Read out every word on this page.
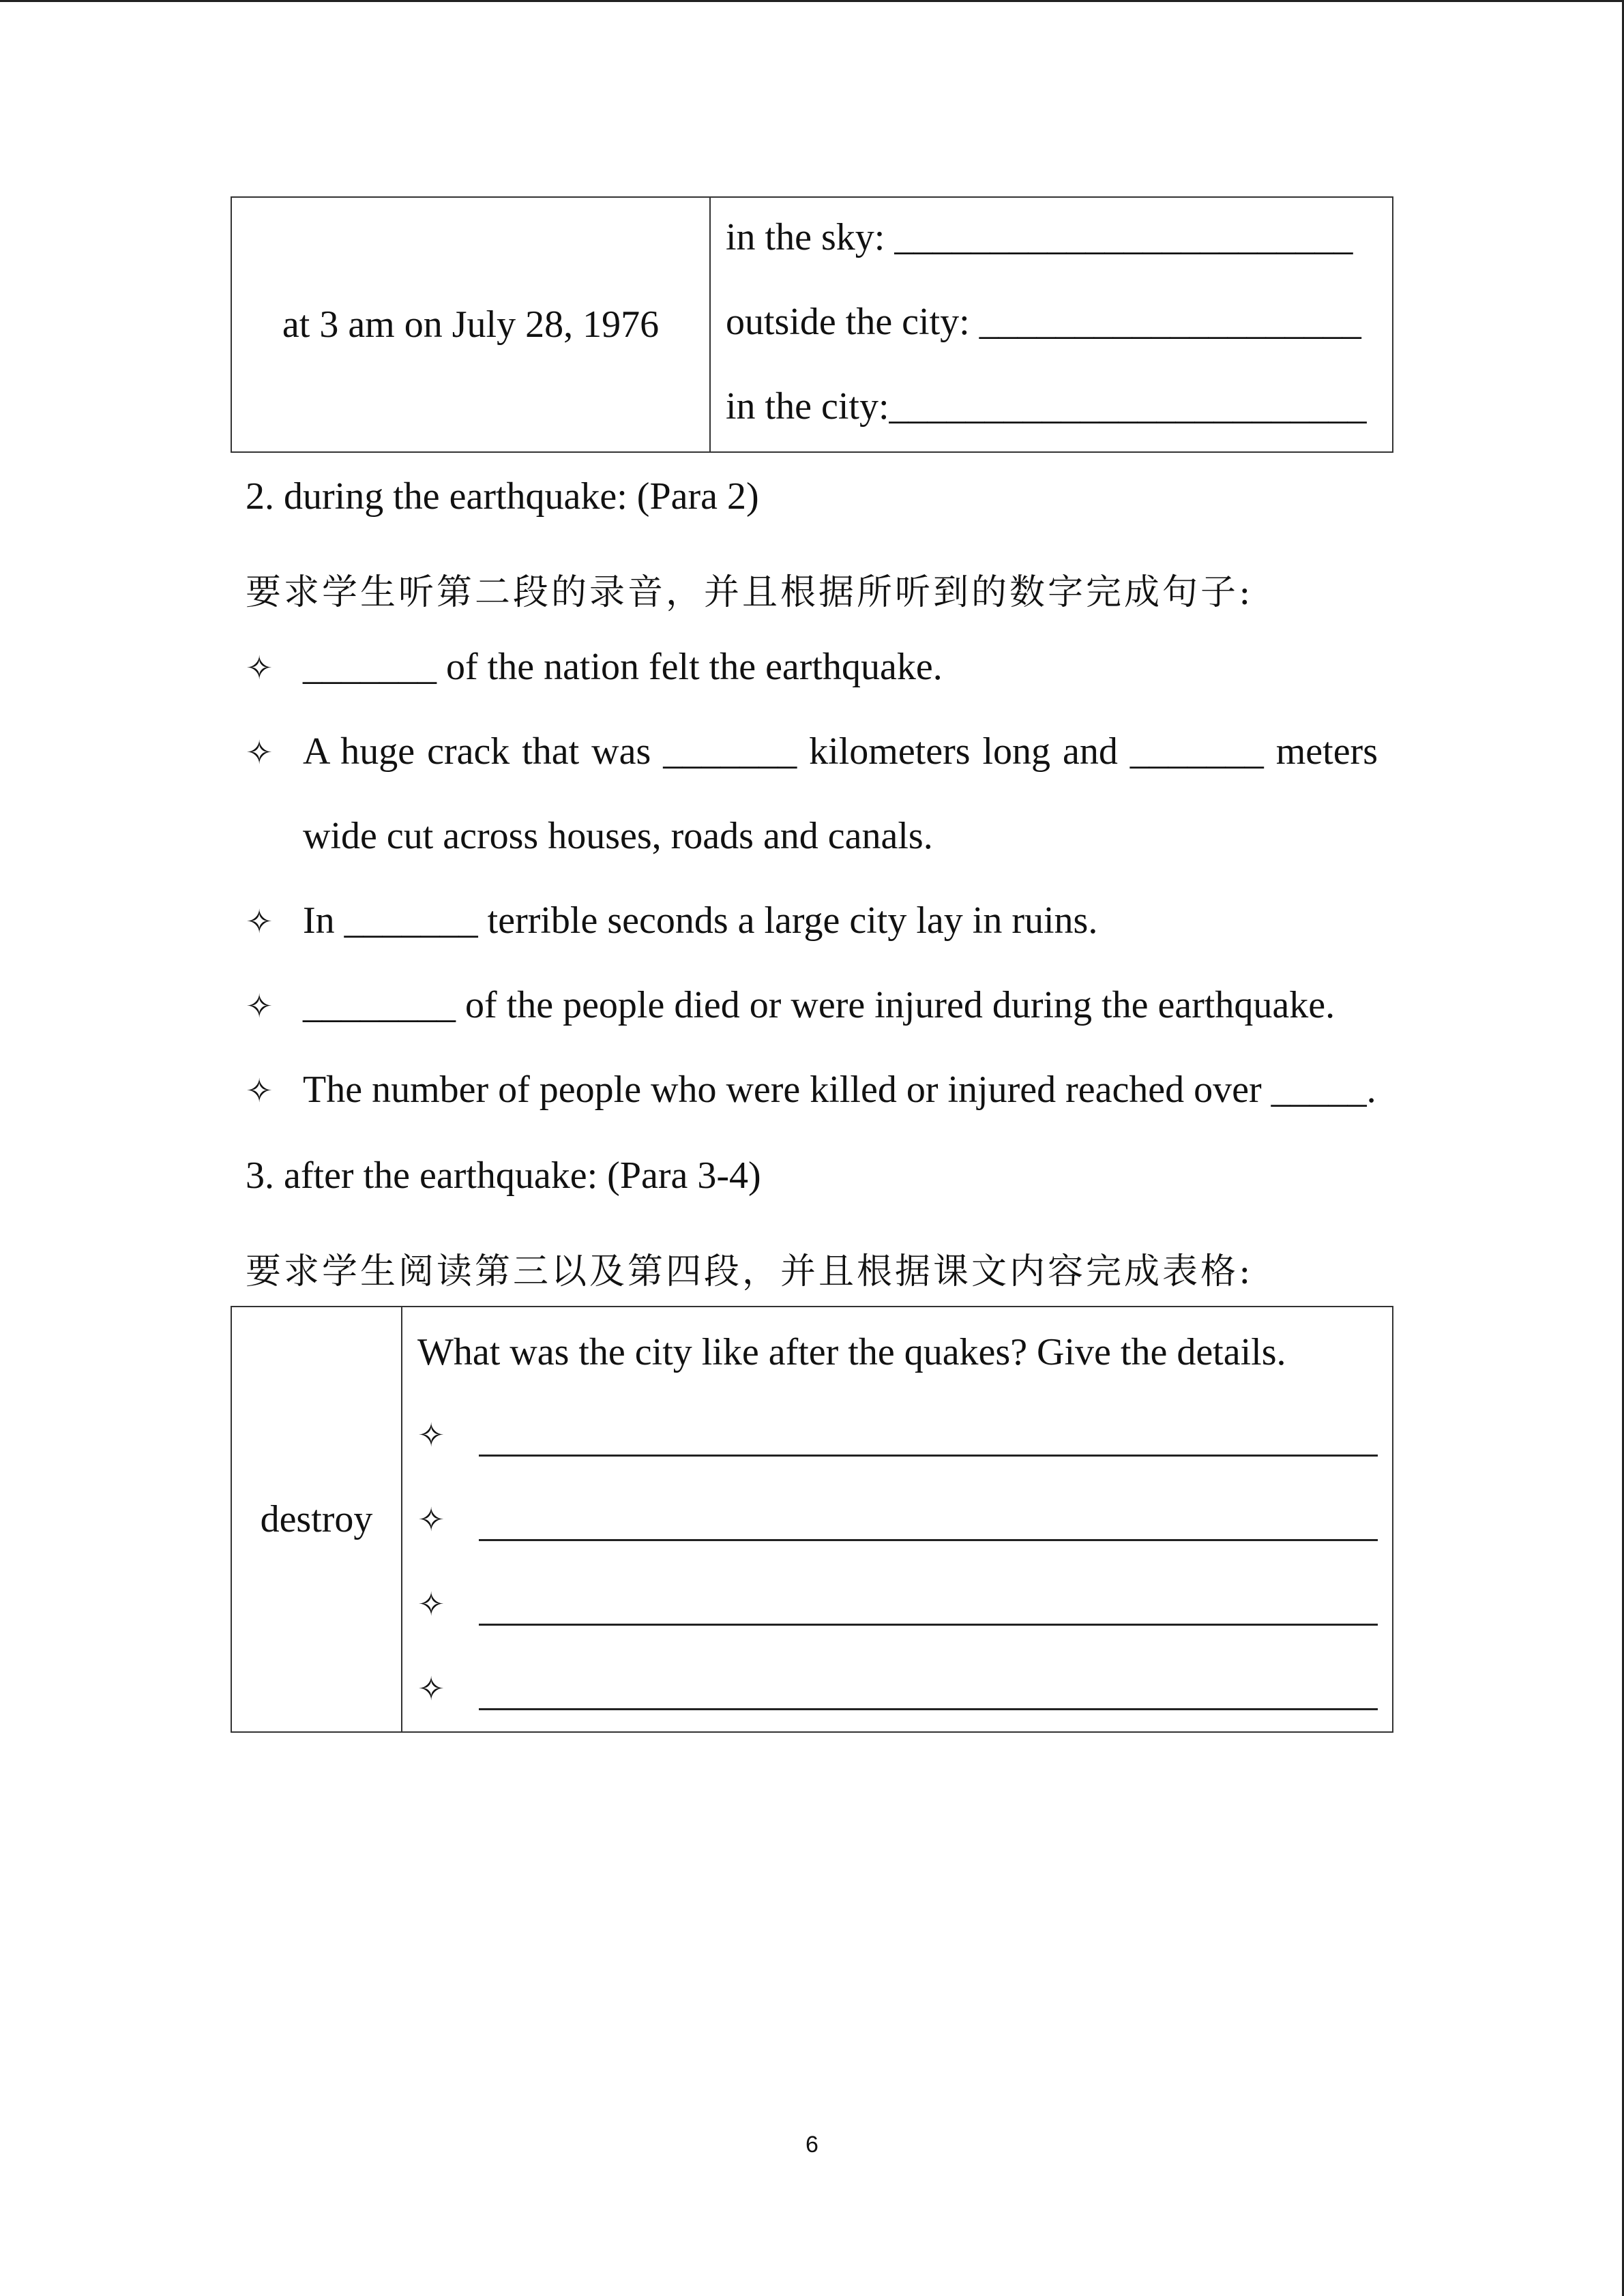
at 3 am on July 28, 1976
in the sky: ________________________
outside the city: ____________________
in the city:_________________________
2. during the earthquake: (Para 2)
要求学生听第二段的录音，并且根据所听到的数字完成句子:
✧ _______ of the nation felt the earthquake.
✧ A huge crack that was _______ kilometers long and _______ meters
wide cut across houses, roads and canals.
✧ In _______ terrible seconds a large city lay in ruins.
✧ ________ of the people died or were injured during the earthquake.
✧ The number of people who were killed or injured reached over _____.
3. after the earthquake: (Para 3-4)
要求学生阅读第三以及第四段，并且根据课文内容完成表格:
destroy
What was the city like after the quakes? Give the details.
✧
✧
✧
✧
6
